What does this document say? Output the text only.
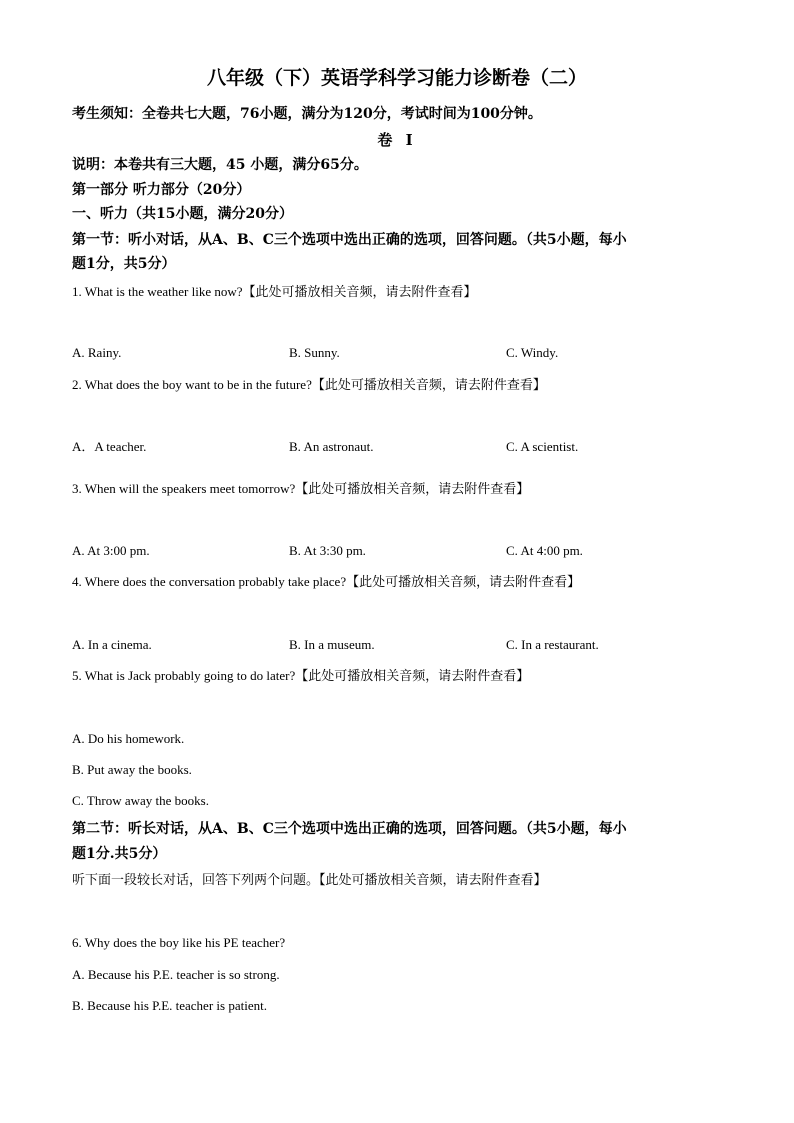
八年级（下）英语学科学习能力诊断卷（二）
考生须知：全卷共七大题，76小题，满分为120分，考试时间为100分钟。
卷 Ⅰ
说明：本卷共有三大题，45 小题，满分65分。
第一部分 听力部分（20分）
一、听力（共15小题，满分20分）
第一节：听小对话，从A、B、C三个选项中选出正确的选项，回答问题。（共5小题，每小
题1分，共5分）
1. What is the weather like now?【此处可播放相关音频，请去附件查看】
A. Rainy.	B. Sunny.	C. Windy.
2. What does the boy want to be in the future?【此处可播放相关音频，请去附件查看】
A．A teacher.	B. An astronaut.	C. A scientist.
3. When will the speakers meet tomorrow?【此处可播放相关音频，请去附件查看】
A. At 3:00 pm.	B. At 3:30 pm.	C. At 4:00 pm.
4. Where does the conversation probably take place?【此处可播放相关音频，请去附件查看】
A. In a cinema.	B. In a museum.	C. In a restaurant.
5. What is Jack probably going to do later?【此处可播放相关音频，请去附件查看】
A. Do his homework.
B. Put away the books.
C. Throw away the books.
第二节：听长对话，从A、B、C三个选项中选出正确的选项，回答问题。（共5小题，每小
题1分.共5分）
听下面一段较长对话，回答下列两个问题。【此处可播放相关音频，请去附件查看】
6. Why does the boy like his PE teacher?
A. Because his P.E. teacher is so strong.
B. Because his P.E. teacher is patient.
